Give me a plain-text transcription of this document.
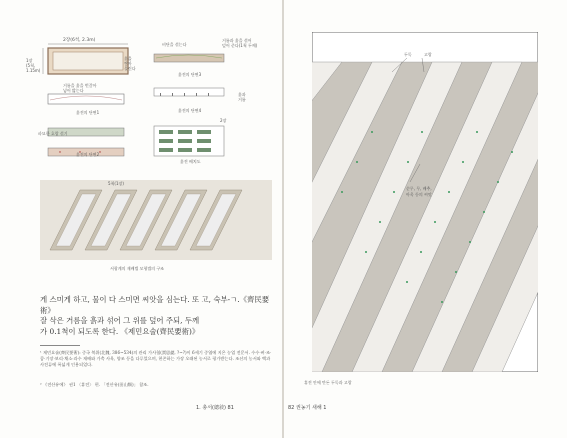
2장(6척, 2.3m)
1장
(5척,
1.15m)
흙을
쌓아
올린다
거름을 흙을 번갈아
넣어 밟는다
흙전의 단면1
파묘한 호랑 섞기
흙전의 단면2
비단을 섞는다
거름과 흙을 섞어
덮어 준다(1척 두께)
흙전의 단면3
흙과
거름
흙전의 단면4
2장
흙전 배치도
5척(1장)
서광계의 재배법 모형법의 구조
게 스미게 하고, 물이 다 스미면 씨앗을 심는다. 또 고, 숙부-ㄱ.《齊民要術》
잘 삭은 거름을 흙과 섞어 그 위를 덮어 주되, 두께
가 0.1척이 되도록 한다. 《제민요술(齊民要術)》
¹ 제민요술(齊民要術): 중국 북위(北魏, 386~534)의 관리 가사협(賈思勰, ?~?)이 6세기 중엽에 지은 농업 전문서. 수수·벼·조·콩·기장·보리·채소·과수 재배와 가축 사육, 양조 등을 다루었으며, 현존하는 가장 오래된 농서로 평가받는다. 조선의 농서와 백과사전류에 폭넓게 인용되었다.
² 《전산유에》 권1 〈휴전〉 편. 「전산유(田山類)」 참조.
1. 총서(總敍) 81
두둑	고랑
순무, 무, 배추,
아욱 등의 씨앗
휴전 안에 만든 두둑과 고랑
82 권농기 새해 1
